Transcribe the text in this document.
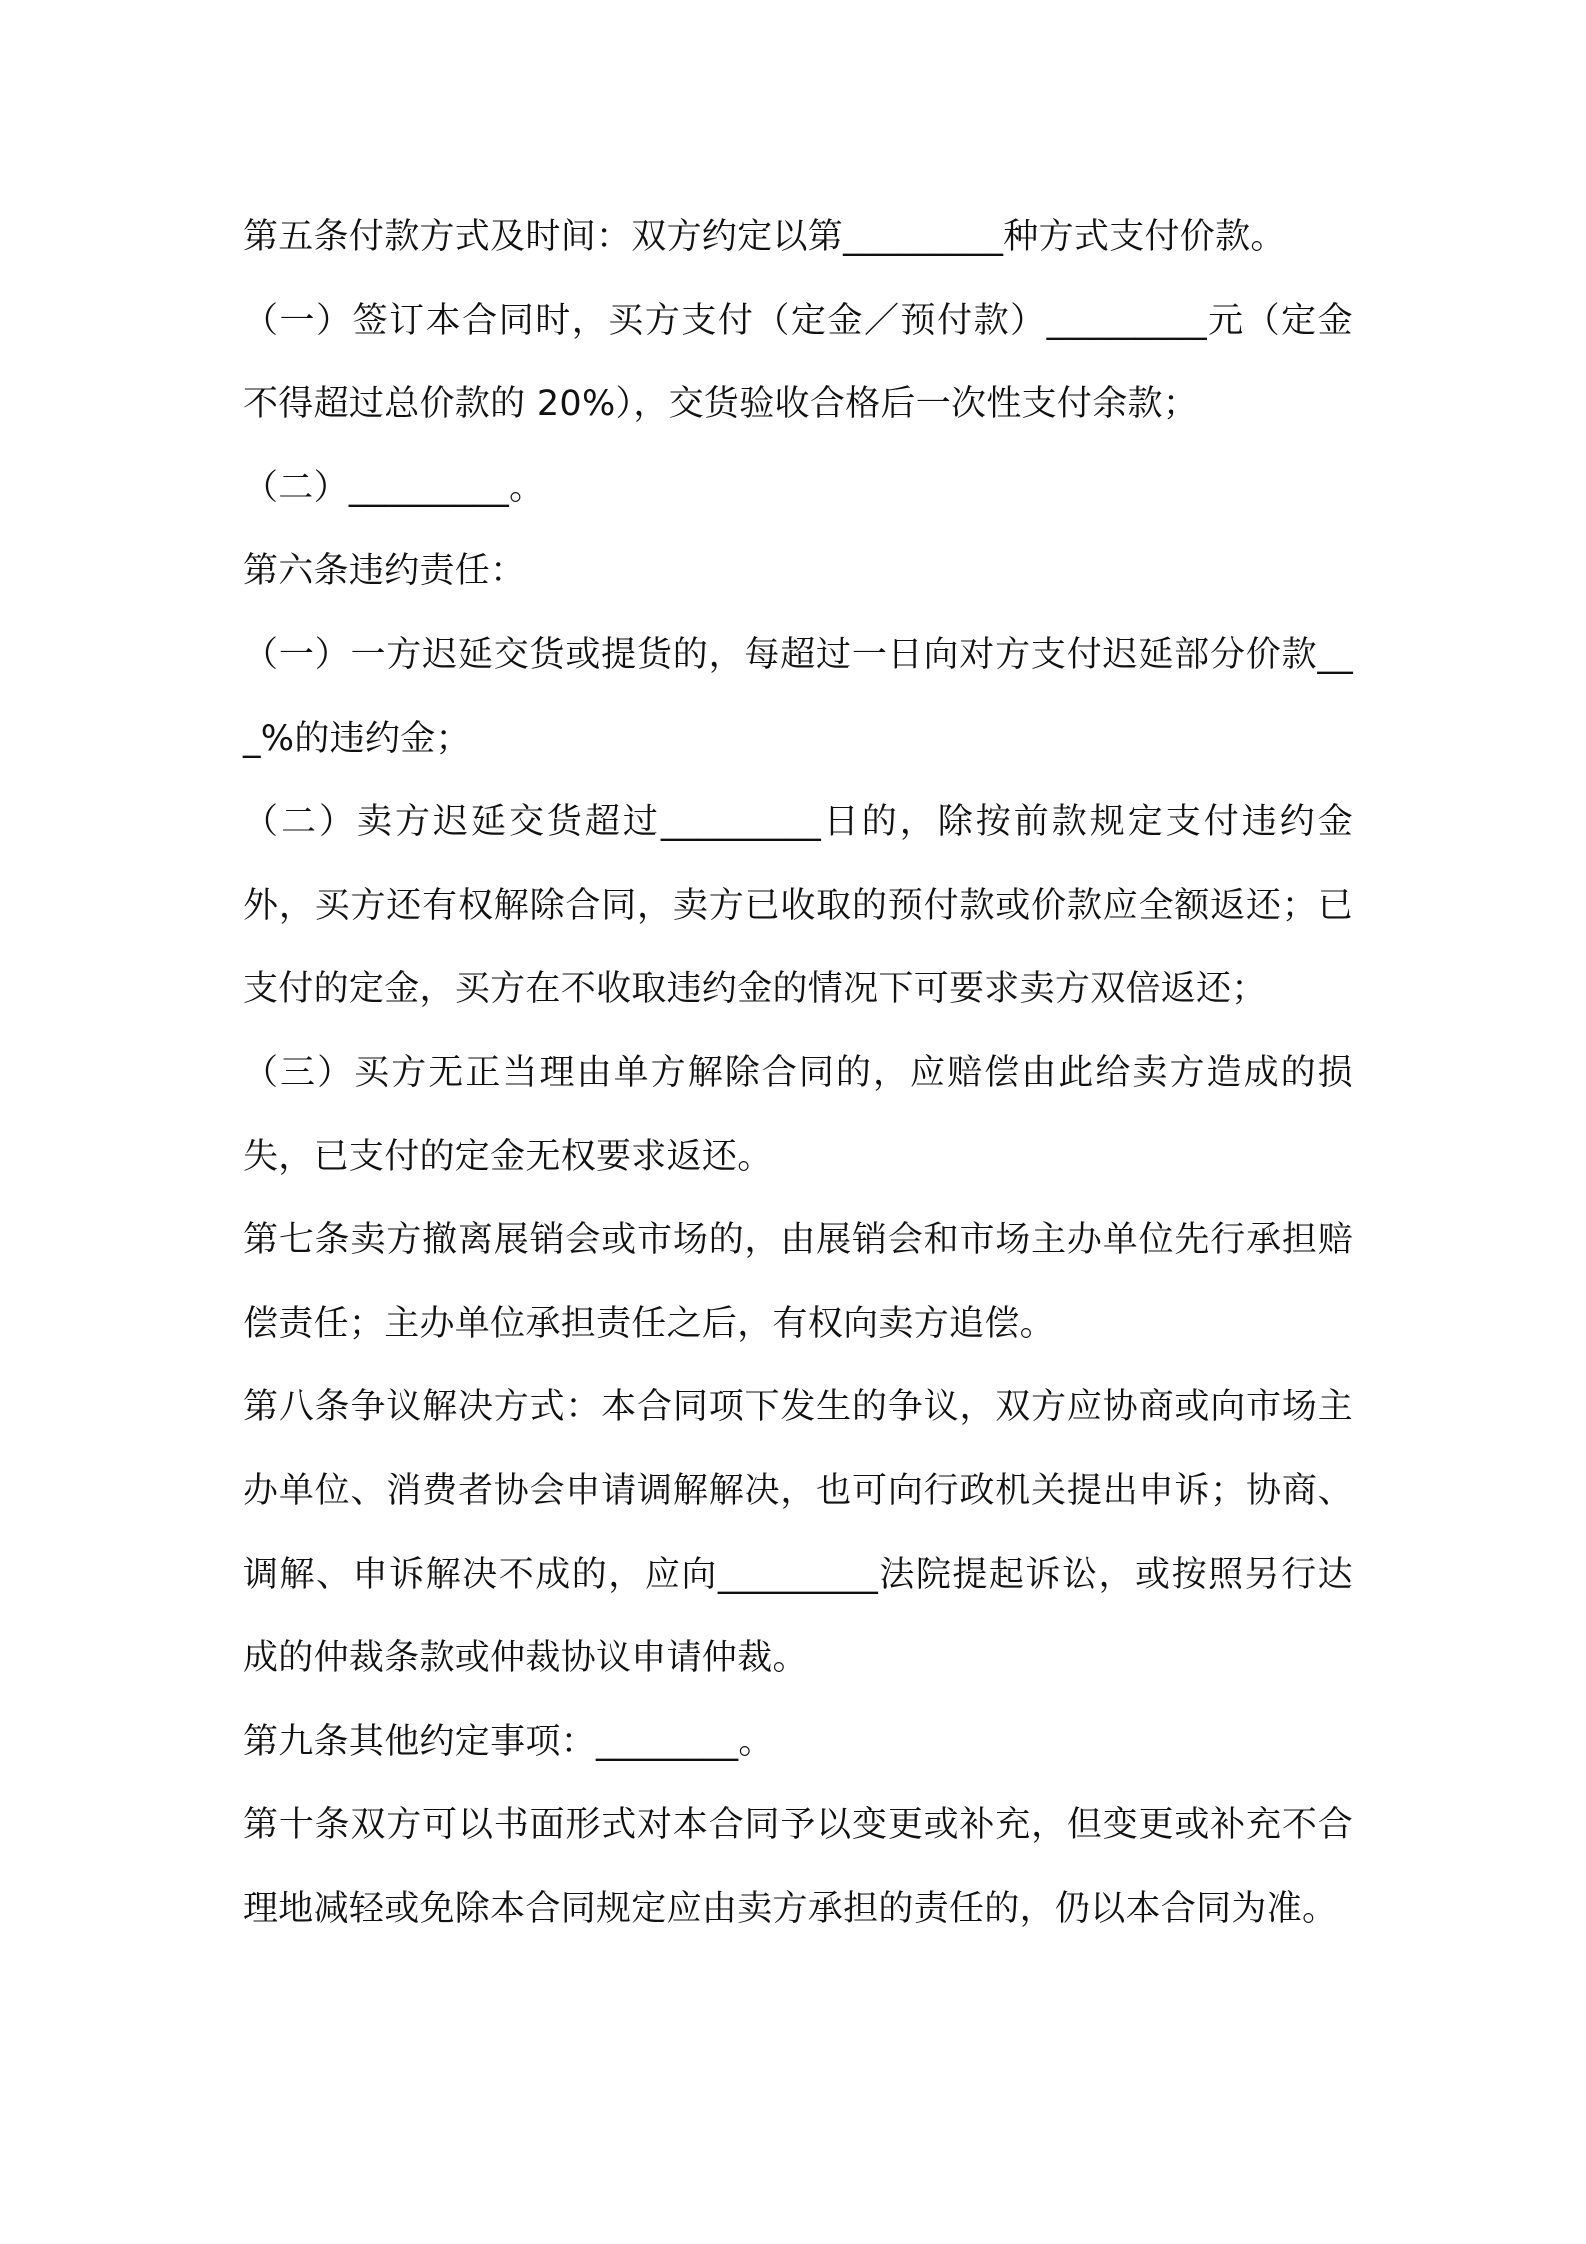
第五条付款方式及时间：双方约定以第_________种方式支付价款。

（一）签订本合同时，买方支付（定金／预付款）_________元（定金不得超过总价款的 20%），交货验收合格后一次性支付余款；

（二）_________。

第六条违约责任：

（一）一方迟延交货或提货的，每超过一日向对方支付迟延部分价款___%的违约金；

（二）卖方迟延交货超过_________日的，除按前款规定支付违约金外，买方还有权解除合同，卖方已收取的预付款或价款应全额返还；已支付的定金，买方在不收取违约金的情况下可要求卖方双倍返还；

（三）买方无正当理由单方解除合同的，应赔偿由此给卖方造成的损失，已支付的定金无权要求返还。

第七条卖方撤离展销会或市场的，由展销会和市场主办单位先行承担赔偿责任；主办单位承担责任之后，有权向卖方追偿。

第八条争议解决方式：本合同项下发生的争议，双方应协商或向市场主办单位、消费者协会申请调解解决，也可向行政机关提出申诉；协商、调解、申诉解决不成的，应向_________法院提起诉讼，或按照另行达成的仲裁条款或仲裁协议申请仲裁。

第九条其他约定事项：________。

第十条双方可以书面形式对本合同予以变更或补充，但变更或补充不合理地减轻或免除本合同规定应由卖方承担的责任的，仍以本合同为准。
